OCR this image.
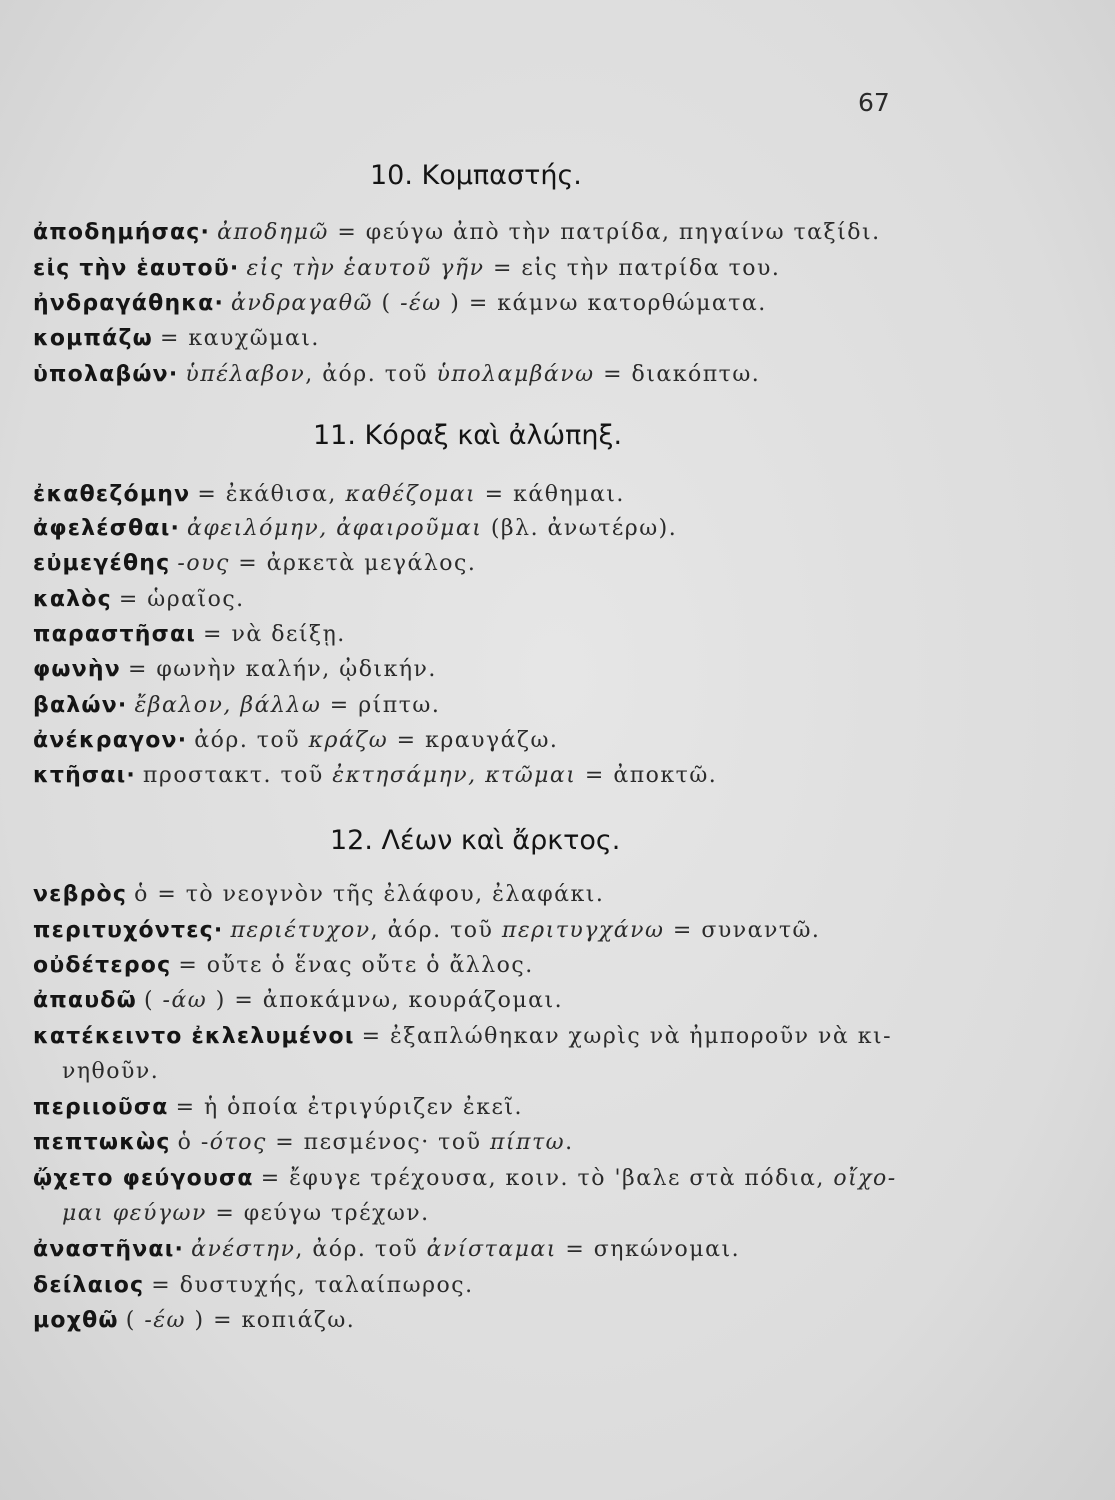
67
10. Κομπαστής.
ἀποδημήσας· ἀποδημῶ = φεύγω ἀπὸ τὴν πατρίδα, πηγαίνω ταξίδι.
εἰς τὴν ἑαυτοῦ· εἰς τὴν ἑαυτοῦ γῆν = εἰς τὴν πατρίδα του.
ἠνδραγάθηκα· ἀνδραγαθῶ ( -έω ) = κάμνω κατορθώματα.
κομπάζω = καυχῶμαι.
ὑπολαβών· ὑπέλαβον, ἀόρ. τοῦ ὑπολαμβάνω = διακόπτω.
11. Κόραξ καὶ ἀλώπηξ.
ἐκαθεζόμην = ἐκάθισα, καθέζομαι = κάθημαι.
ἀφελέσθαι· ἀφειλόμην, ἀφαιροῦμαι (βλ. ἀνωτέρω).
εὐμεγέθης -ους = ἀρκετὰ μεγάλος.
καλὸς = ὡραῖος.
παραστῆσαι = νὰ δείξῃ.
φωνὴν = φωνὴν καλήν, ᾠδικήν.
βαλών· ἔβαλον, βάλλω = ρίπτω.
ἀνέκραγον· ἀόρ. τοῦ κράζω = κραυγάζω.
κτῆσαι· προστακτ. τοῦ ἐκτησάμην, κτῶμαι = ἀποκτῶ.
12. Λέων καὶ ἄρκτος.
νεβρὸς ὁ = τὸ νεογνὸν τῆς ἐλάφου, ἐλαφάκι.
περιτυχόντες· περιέτυχον, ἀόρ. τοῦ περιτυγχάνω = συναντῶ.
οὐδέτερος = οὔτε ὁ ἕνας οὔτε ὁ ἄλλος.
ἀπαυδῶ ( -άω ) = ἀποκάμνω, κουράζομαι.
κατέκειντο ἐκλελυμένοι = ἐξαπλώθηκαν χωρὶς νὰ ἠμποροῦν νὰ κι-
νηθοῦν.
περιιοῦσα = ἡ ὁποία ἐτριγύριζεν ἐκεῖ.
πεπτωκὼς ὁ -ότος = πεσμένος· τοῦ πίπτω.
ᾤχετο φεύγουσα = ἔφυγε τρέχουσα, κοιν. τὸ 'βαλε στὰ πόδια, οἴχο-
μαι φεύγων = φεύγω τρέχων.
ἀναστῆναι· ἀνέστην, ἀόρ. τοῦ ἀνίσταμαι = σηκώνομαι.
δείλαιος = δυστυχής, ταλαίπωρος.
μοχθῶ ( -έω ) = κοπιάζω.
